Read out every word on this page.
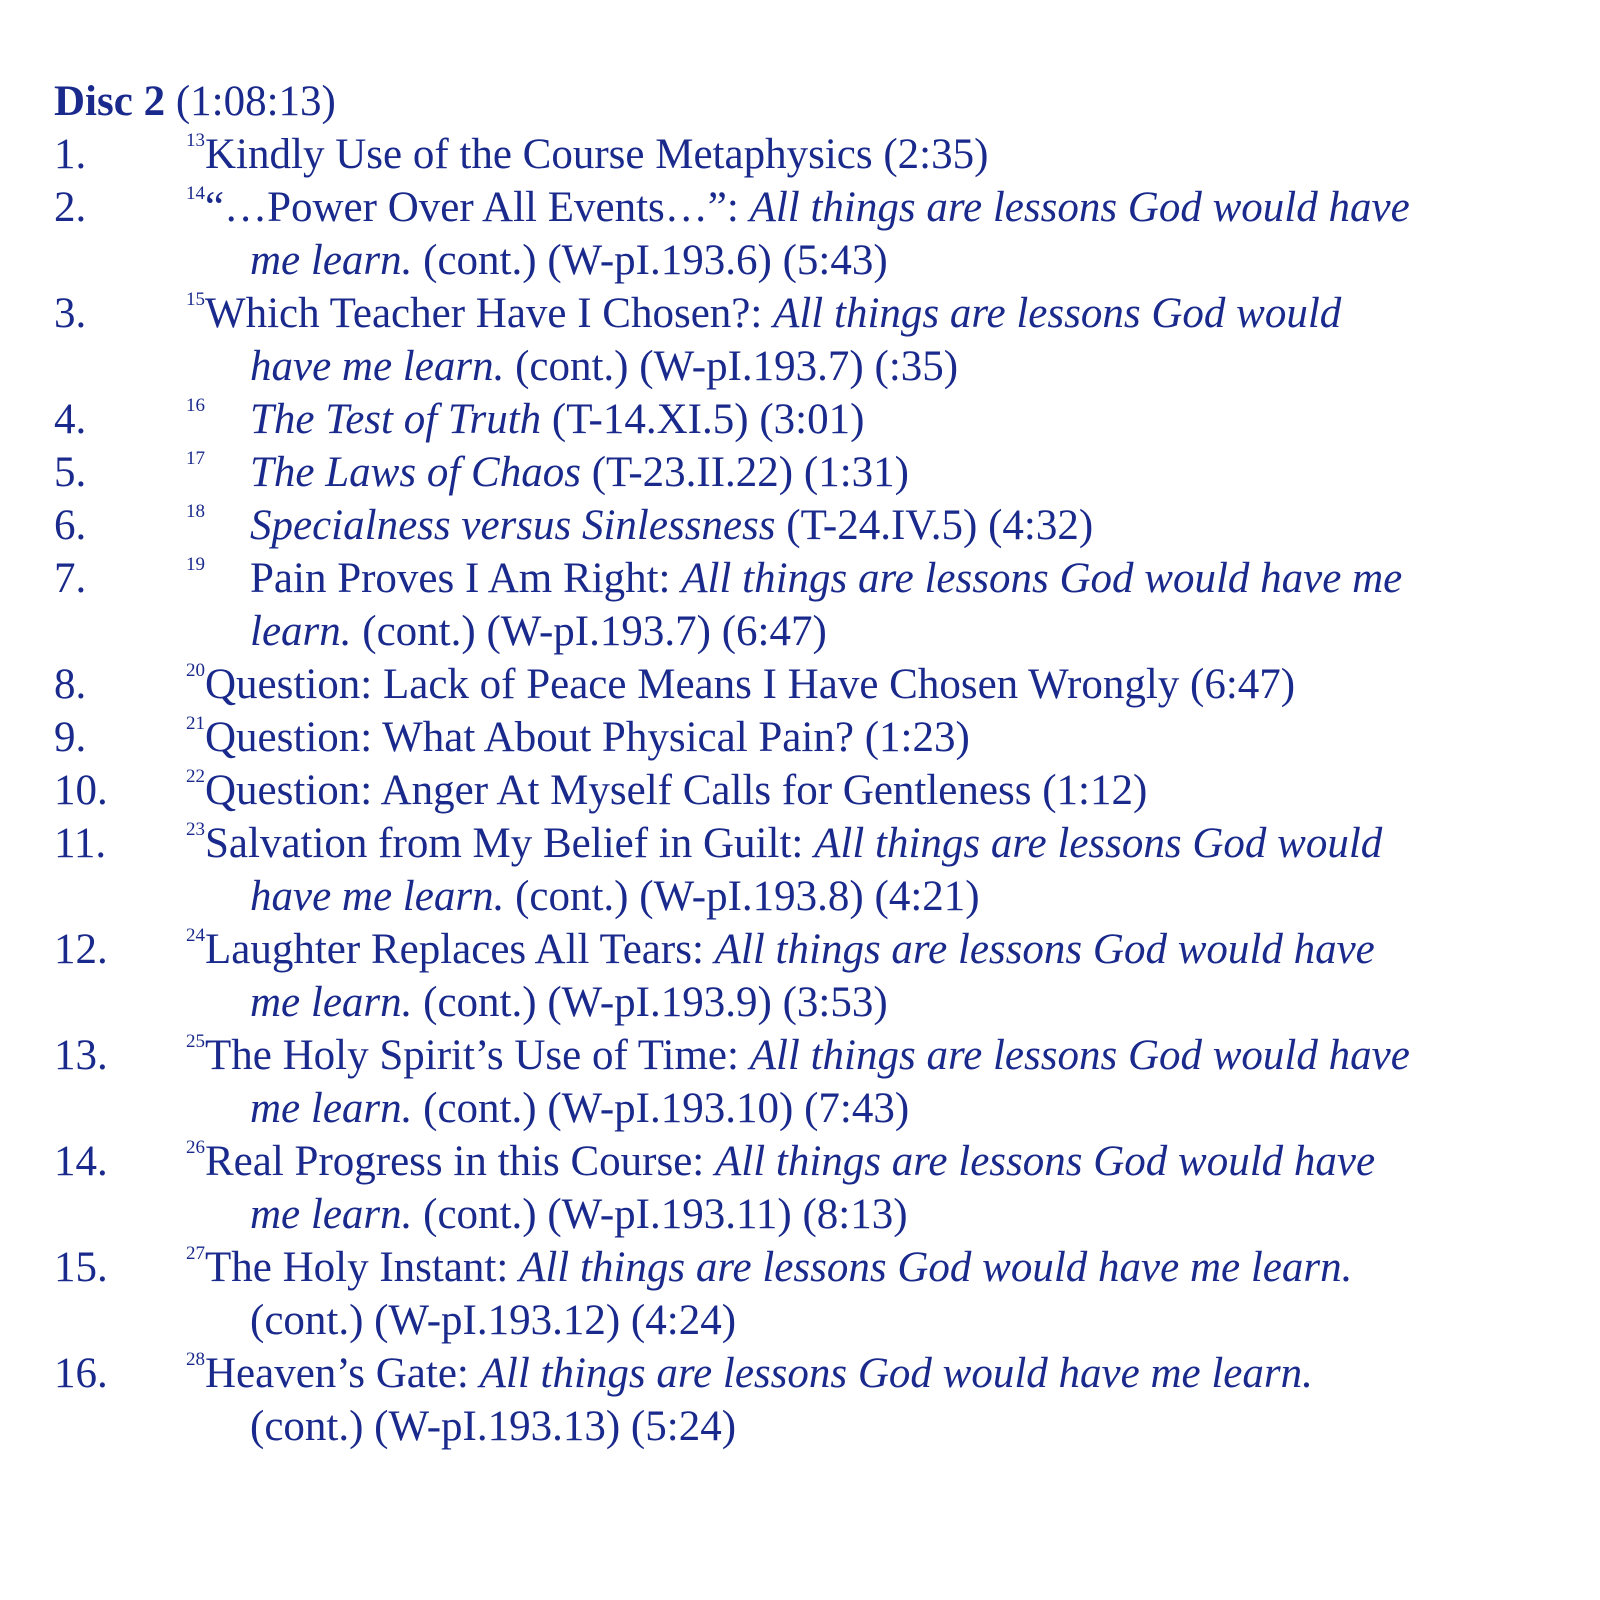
Disc 2 (1:08:13)
1.	$^{13}$Kindly Use of the Course Metaphysics (2:35)
2.	$^{14}$“…Power Over All Events…”: All things are lessons God would have
me learn. (cont.) (W-pI.193.6) (5:43)
3.	$^{15}$Which Teacher Have I Chosen?: All things are lessons God would
have me learn. (cont.) (W-pI.193.7) (:35)
4.	16 The Test of Truth (T-14.XI.5) (3:01)
5.	17 The Laws of Chaos (T-23.II.22) (1:31)
6.	18 Specialness versus Sinlessness (T-24.IV.5) (4:32)
7.	19 Pain Proves I Am Right: All things are lessons God would have me
learn. (cont.) (W-pI.193.7) (6:47)
8.	$^{20}$Question: Lack of Peace Means I Have Chosen Wrongly (6:47)
9.	$^{21}$Question: What About Physical Pain? (1:23)
10.	$^{22}$Question: Anger At Myself Calls for Gentleness (1:12)
11.	$^{23}$Salvation from My Belief in Guilt: All things are lessons God would
have me learn. (cont.) (W-pI.193.8) (4:21)
12.	$^{24}$Laughter Replaces All Tears: All things are lessons God would have
me learn. (cont.) (W-pI.193.9) (3:53)
13.	$^{25}$The Holy Spirit’s Use of Time: All things are lessons God would have
me learn. (cont.) (W-pI.193.10) (7:43)
14.	$^{26}$Real Progress in this Course: All things are lessons God would have
me learn. (cont.) (W-pI.193.11) (8:13)
15.	$^{27}$The Holy Instant: All things are lessons God would have me learn.
(cont.) (W-pI.193.12) (4:24)
16.	$^{28}$Heaven’s Gate: All things are lessons God would have me learn.
(cont.) (W-pI.193.13) (5:24)
